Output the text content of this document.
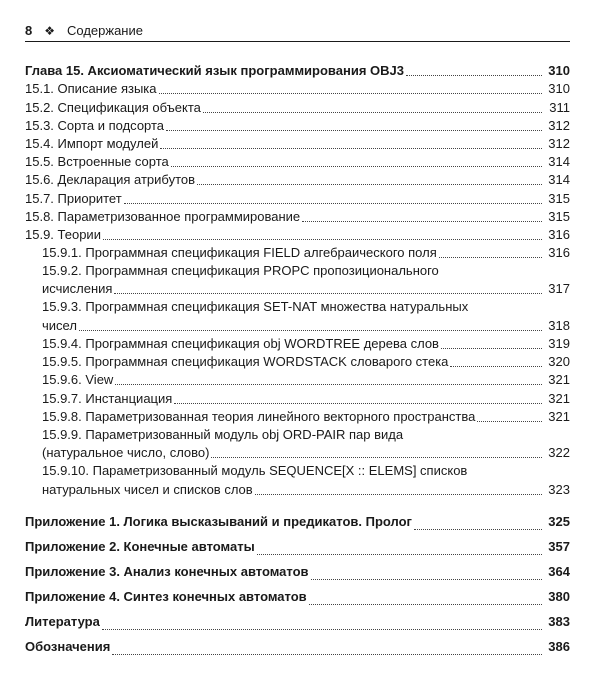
8 ❖ Содержание
Глава 15. Аксиоматический язык программирования OBJ3	310
15.1. Описание языка	310
15.2. Спецификация объекта	311
15.3. Сорта и подсорта	312
15.4. Импорт модулей	312
15.5. Встроенные сорта	314
15.6. Декларация атрибутов	314
15.7. Приоритет	315
15.8. Параметризованное программирование	315
15.9. Теории	316
15.9.1. Программная спецификация FIELD алгебраического поля	316
15.9.2. Программная спецификация PROPC пропозиционального
исчисления	317
15.9.3. Программная спецификация SET-NAT множества натуральных
чисел	318
15.9.4. Программная спецификация obj WORDTREE дерева слов	319
15.9.5. Программная спецификация WORDSTACK словарого стека	320
15.9.6. View	321
15.9.7. Инстанциация	321
15.9.8. Параметризованная теория линейного векторного пространства	321
15.9.9. Параметризованный модуль obj ORD-PAIR пар вида
(натуральное число, слово)	322
15.9.10. Параметризованный модуль SEQUENCE[X :: ELEMS] списков
натуральных чисел и списков слов	323
Приложение 1. Логика высказываний и предикатов. Пролог	325
Приложение 2. Конечные автоматы	357
Приложение 3. Анализ конечных автоматов	364
Приложение 4. Синтез конечных автоматов	380
Литература	383
Обозначения	386
